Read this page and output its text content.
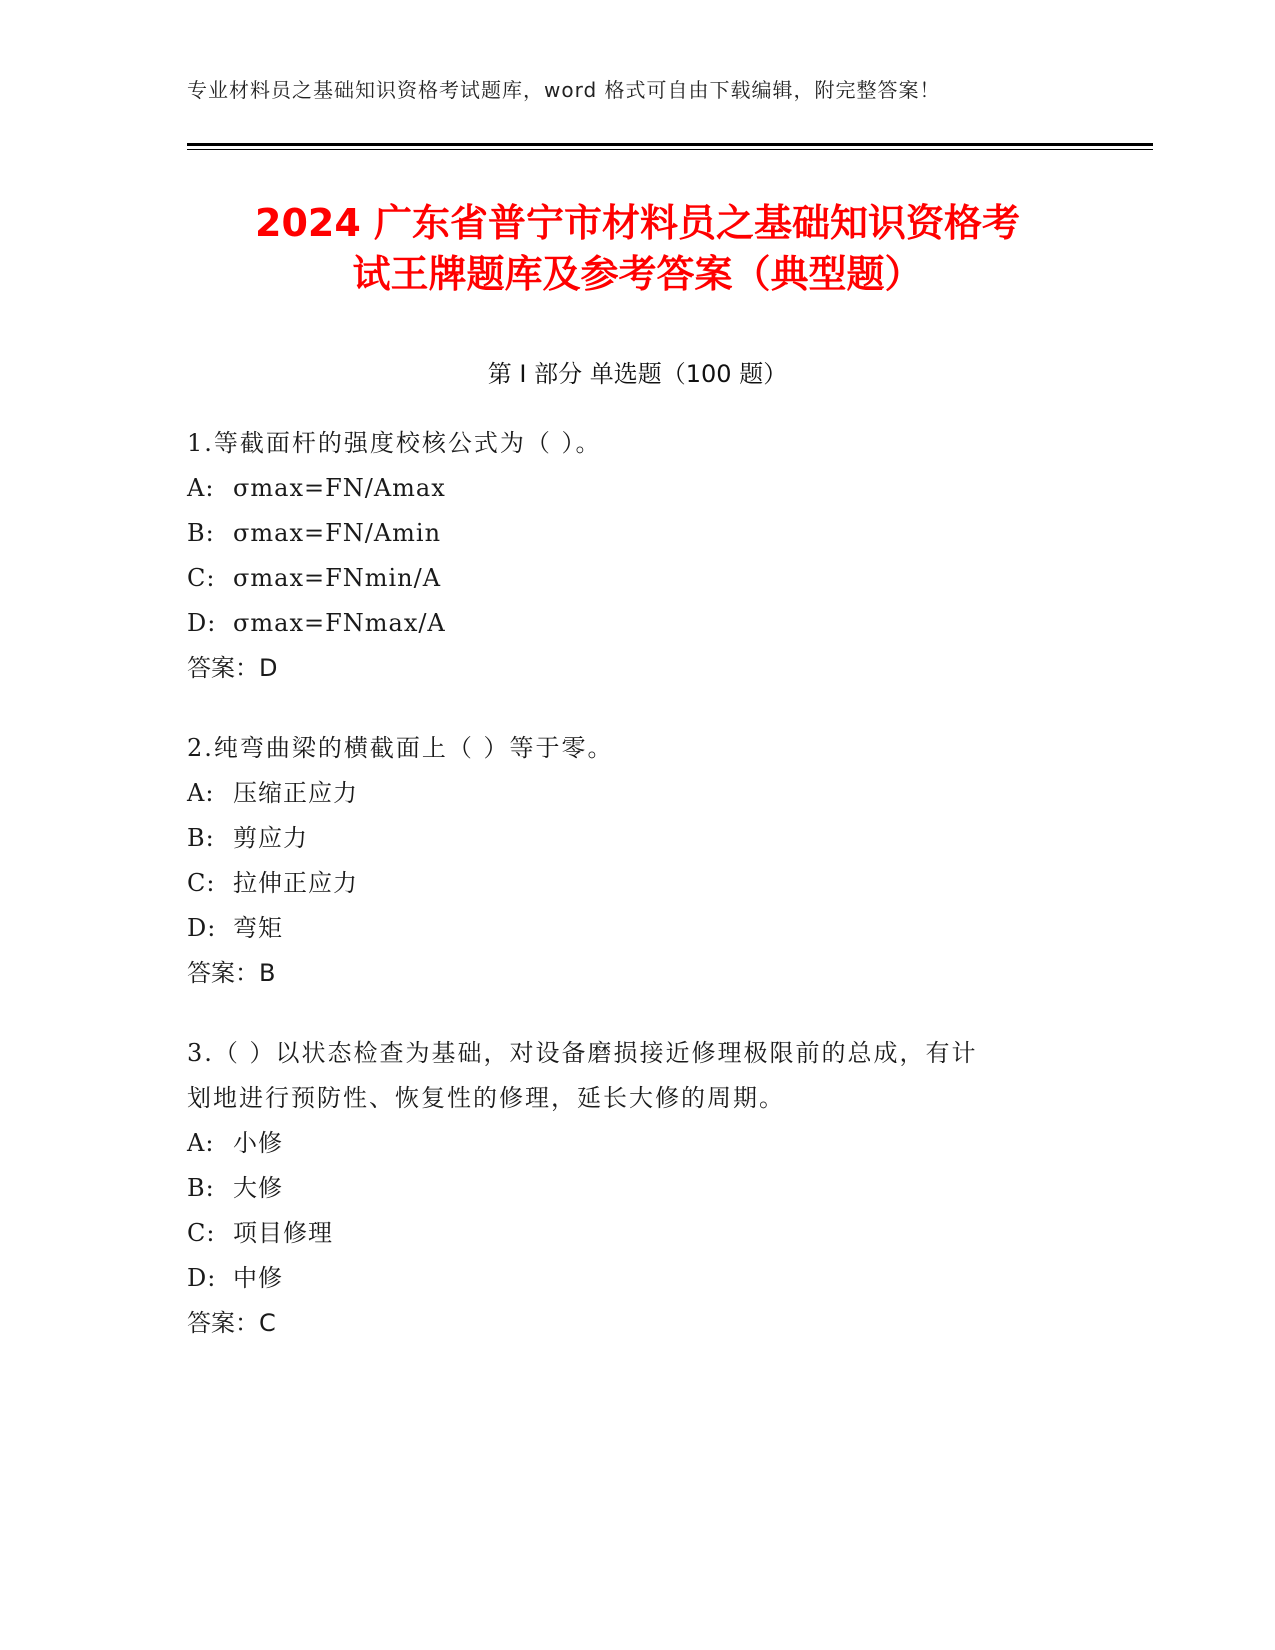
专业材料员之基础知识资格考试题库，word 格式可自由下载编辑，附完整答案！
2024 广东省普宁市材料员之基础知识资格考
试王牌题库及参考答案（典型题）
第 I 部分 单选题（100 题）
1.等截面杆的强度校核公式为（ ）。
A: σmax=FN/Amax
B: σmax=FN/Amin
C: σmax=FNmin/A
D: σmax=FNmax/A
答案：D
2.纯弯曲梁的横截面上（ ）等于零。
A: 压缩正应力
B: 剪应力
C: 拉伸正应力
D: 弯矩
答案：B
3.（ ）以状态检查为基础，对设备磨损接近修理极限前的总成，有计
划地进行预防性、恢复性的修理，延长大修的周期。
A: 小修
B: 大修
C: 项目修理
D: 中修
答案：C
